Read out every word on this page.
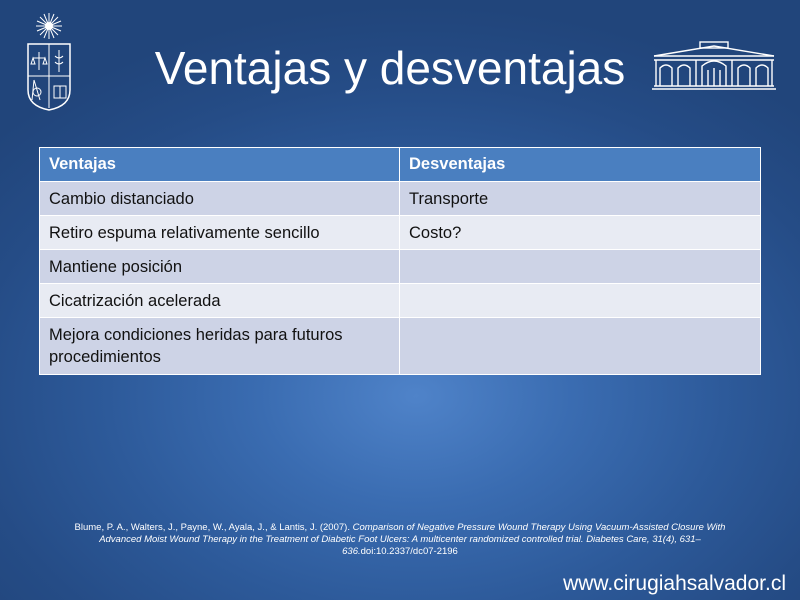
Ventajas y desventajas
Ventajas	Desventajas
Cambio distanciado	Transporte
Retiro espuma relativamente sencillo	Costo?
Mantiene posición	
Cicatrización acelerada	
Mejora condiciones heridas para futuros procedimientos	
Blume, P. A., Walters, J., Payne, W., Ayala, J., & Lantis, J. (2007). Comparison of Negative Pressure Wound Therapy Using Vacuum-Assisted Closure With Advanced Moist Wound Therapy in the Treatment of Diabetic Foot Ulcers: A multicenter randomized controlled trial. Diabetes Care, 31(4), 631–636.doi:10.2337/dc07-2196
www.cirugiahsalvador.cl
